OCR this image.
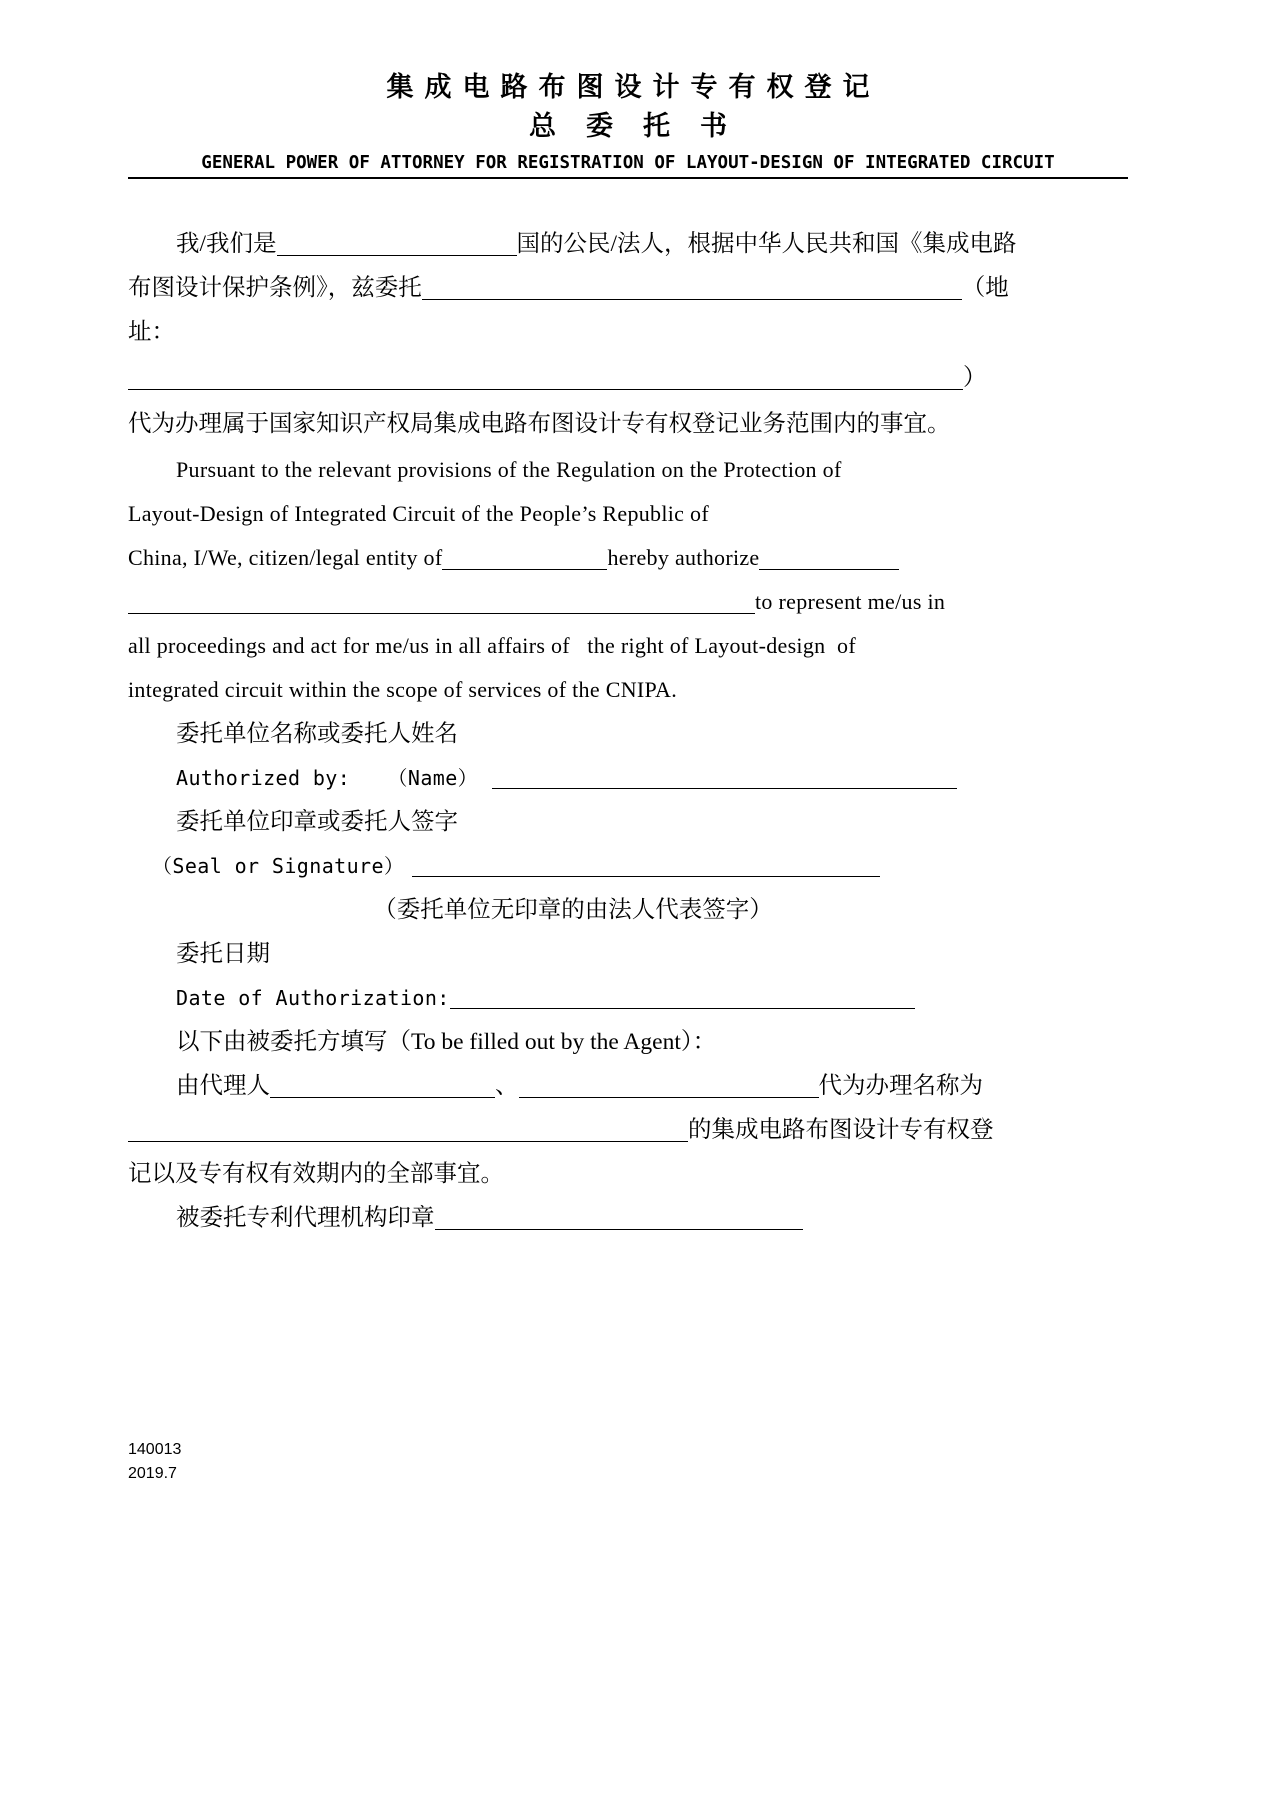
集成电路布图设计专有权登记
总委托书
GENERAL POWER OF ATTORNEY FOR REGISTRATION OF LAYOUT-DESIGN OF INTEGRATED CIRCUIT
我/我们是	国的公民/法人，根据中华人民共和国《集成电路
布图设计保护条例》，兹委托	（地
址：
）
代为办理属于国家知识产权局集成电路布图设计专有权登记业务范围内的事宜。
Pursuant to the relevant provisions of the Regulation on the Protection of
Layout-Design of Integrated Circuit of the People’s Republic of
China, I/We, citizen/legal entity of	hereby authorize
to represent me/us in
all proceedings and act for me/us in all affairs of   the right of Layout-design  of
integrated circuit within the scope of services of the CNIPA.
委托单位名称或委托人姓名
Authorized by:   （Name）
委托单位印章或委托人签字
（Seal or Signature）
（委托单位无印章的由法人代表签字）
委托日期
Date of Authorization:
以下由被委托方填写（To be filled out by the Agent）：
由代理人	、	代为办理名称为
的集成电路布图设计专有权登
记以及专有权有效期内的全部事宜。
被委托专利代理机构印章
140013
2019.7
